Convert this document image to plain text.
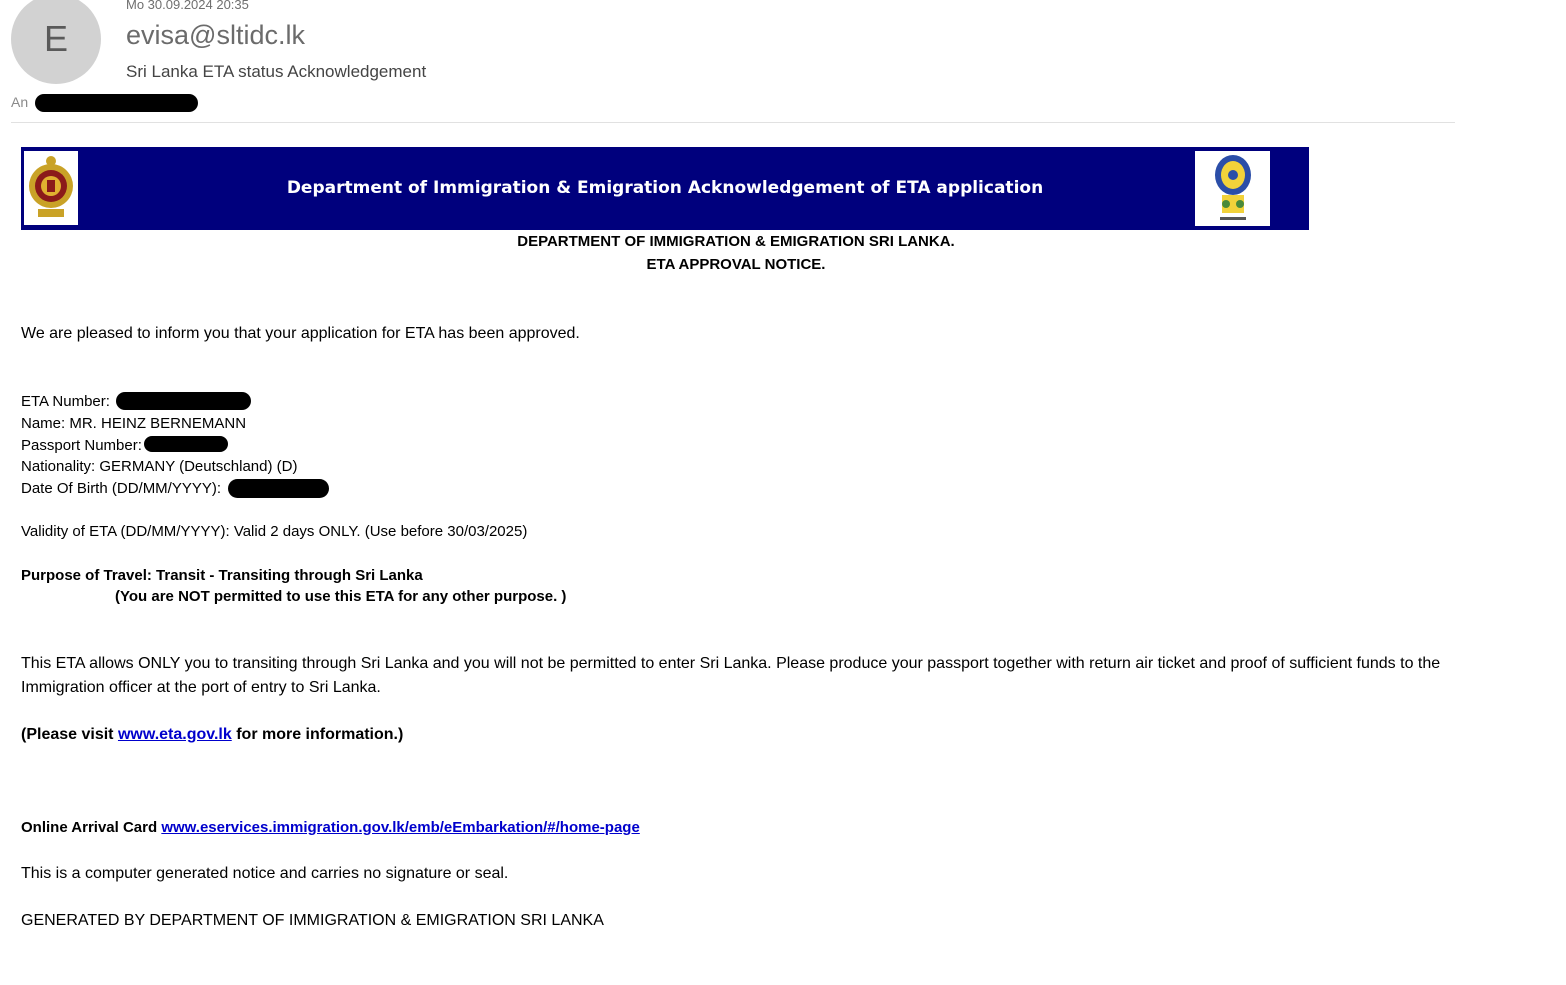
E
Mo 30.09.2024 20:35
evisa@sltidc.lk
Sri Lanka ETA status Acknowledgement
An
Department of Immigration & Emigration Acknowledgement of ETA application
DEPARTMENT OF IMMIGRATION & EMIGRATION SRI LANKA.
ETA APPROVAL NOTICE.
We are pleased to inform you that your application for ETA has been approved.
ETA Number:
Name: MR. HEINZ BERNEMANN
Passport Number:
Nationality: GERMANY (Deutschland) (D)
Date Of Birth (DD/MM/YYYY):
Validity of ETA (DD/MM/YYYY): Valid 2 days ONLY. (Use before 30/03/2025)
Purpose of Travel: Transit - Transiting through Sri Lanka
(You are NOT permitted to use this ETA for any other purpose. )
This ETA allows ONLY you to transiting through Sri Lanka and you will not be permitted to enter Sri Lanka. Please produce your passport together with return air ticket and proof of sufficient funds to the Immigration officer at the port of entry to Sri Lanka.
(Please visit www.eta.gov.lk for more information.)
Online Arrival Card www.eservices.immigration.gov.lk/emb/eEmbarkation/#/home-page
This is a computer generated notice and carries no signature or seal.
GENERATED BY DEPARTMENT OF IMMIGRATION & EMIGRATION SRI LANKA
